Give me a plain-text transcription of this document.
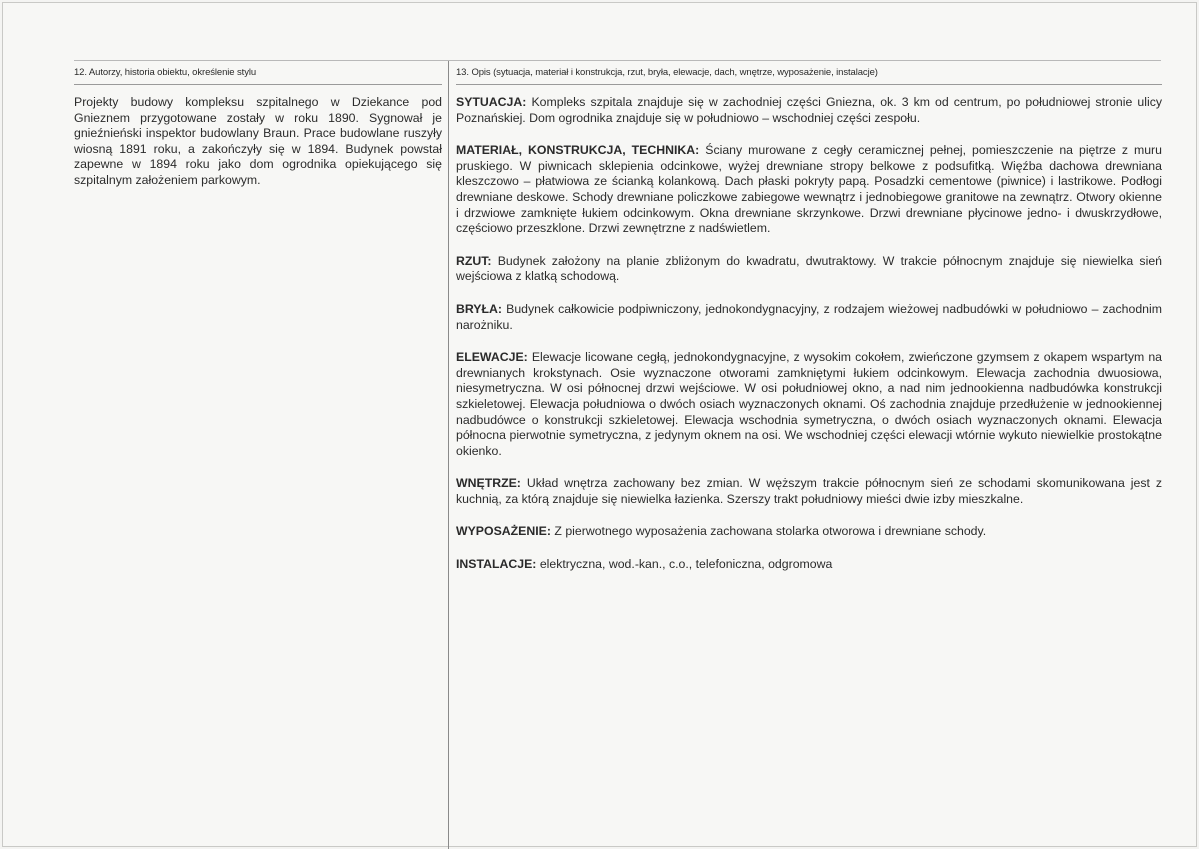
12. Autorzy, historia obiektu, określenie stylu

Projekty budowy kompleksu szpitalnego w Dziekance pod Gnieznem przygotowane zostały w roku 1890. Sygnował je gnieźnieński inspektor budowlany Braun. Prace budowlane ruszyły wiosną 1891 roku, a zakończyły się w 1894. Budynek powstał zapewne w 1894 roku jako dom ogrodnika opiekującego się szpitalnym założeniem parkowym.

13. Opis (sytuacja, materiał i konstrukcja, rzut, bryła, elewacje, dach, wnętrze, wyposażenie, instalacje)

SYTUACJA: Kompleks szpitala znajduje się w zachodniej części Gniezna, ok. 3 km od centrum, po południowej stronie ulicy Poznańskiej. Dom ogrodnika znajduje się w południowo – wschodniej części zespołu.

MATERIAŁ, KONSTRUKCJA, TECHNIKA: Ściany murowane z cegły ceramicznej pełnej, pomieszczenie na piętrze z muru pruskiego. W piwnicach sklepienia odcinkowe, wyżej drewniane stropy belkowe z podsufitką. Więźba dachowa drewniana kleszczowo – płatwiowa ze ścianką kolankową. Dach płaski pokryty papą. Posadzki cementowe (piwnice) i lastrikowe. Podłogi drewniane deskowe. Schody drewniane policzkowe zabiegowe wewnątrz i jednobiegowe granitowe na zewnątrz. Otwory okienne i drzwiowe zamknięte łukiem odcinkowym. Okna drewniane skrzynkowe. Drzwi drewniane płycinowe jedno- i dwuskrzydłowe, częściowo przeszklone. Drzwi zewnętrzne z nadświetlem.

RZUT: Budynek założony na planie zbliżonym do kwadratu, dwutraktowy. W trakcie północnym znajduje się niewielka sień wejściowa z klatką schodową.

BRYŁA: Budynek całkowicie podpiwniczony, jednokondygnacyjny, z rodzajem wieżowej nadbudówki w południowo – zachodnim narożniku.

ELEWACJE: Elewacje licowane cegłą, jednokondygnacyjne, z wysokim cokołem, zwieńczone gzymsem z okapem wspartym na drewnianych krokstynach. Osie wyznaczone otworami zamkniętymi łukiem odcinkowym. Elewacja zachodnia dwuosiowa, niesymetryczna. W osi północnej drzwi wejściowe. W osi południowej okno, a nad nim jednookienna nadbudówka konstrukcji szkieletowej. Elewacja południowa o dwóch osiach wyznaczonych oknami. Oś zachodnia znajduje przedłużenie w jednookiennej nadbudówce o konstrukcji szkieletowej. Elewacja wschodnia symetryczna, o dwóch osiach wyznaczonych oknami. Elewacja północna pierwotnie symetryczna, z jedynym oknem na osi. We wschodniej części elewacji wtórnie wykuto niewielkie prostokątne okienko.

WNĘTRZE: Układ wnętrza zachowany bez zmian. W węższym trakcie północnym sień ze schodami skomunikowana jest z kuchnią, za którą znajduje się niewielka łazienka. Szerszy trakt południowy mieści dwie izby mieszkalne.

WYPOSAŻENIE: Z pierwotnego wyposażenia zachowana stolarka otworowa i drewniane schody.

INSTALACJE: elektryczna, wod.-kan., c.o., telefoniczna, odgromowa
